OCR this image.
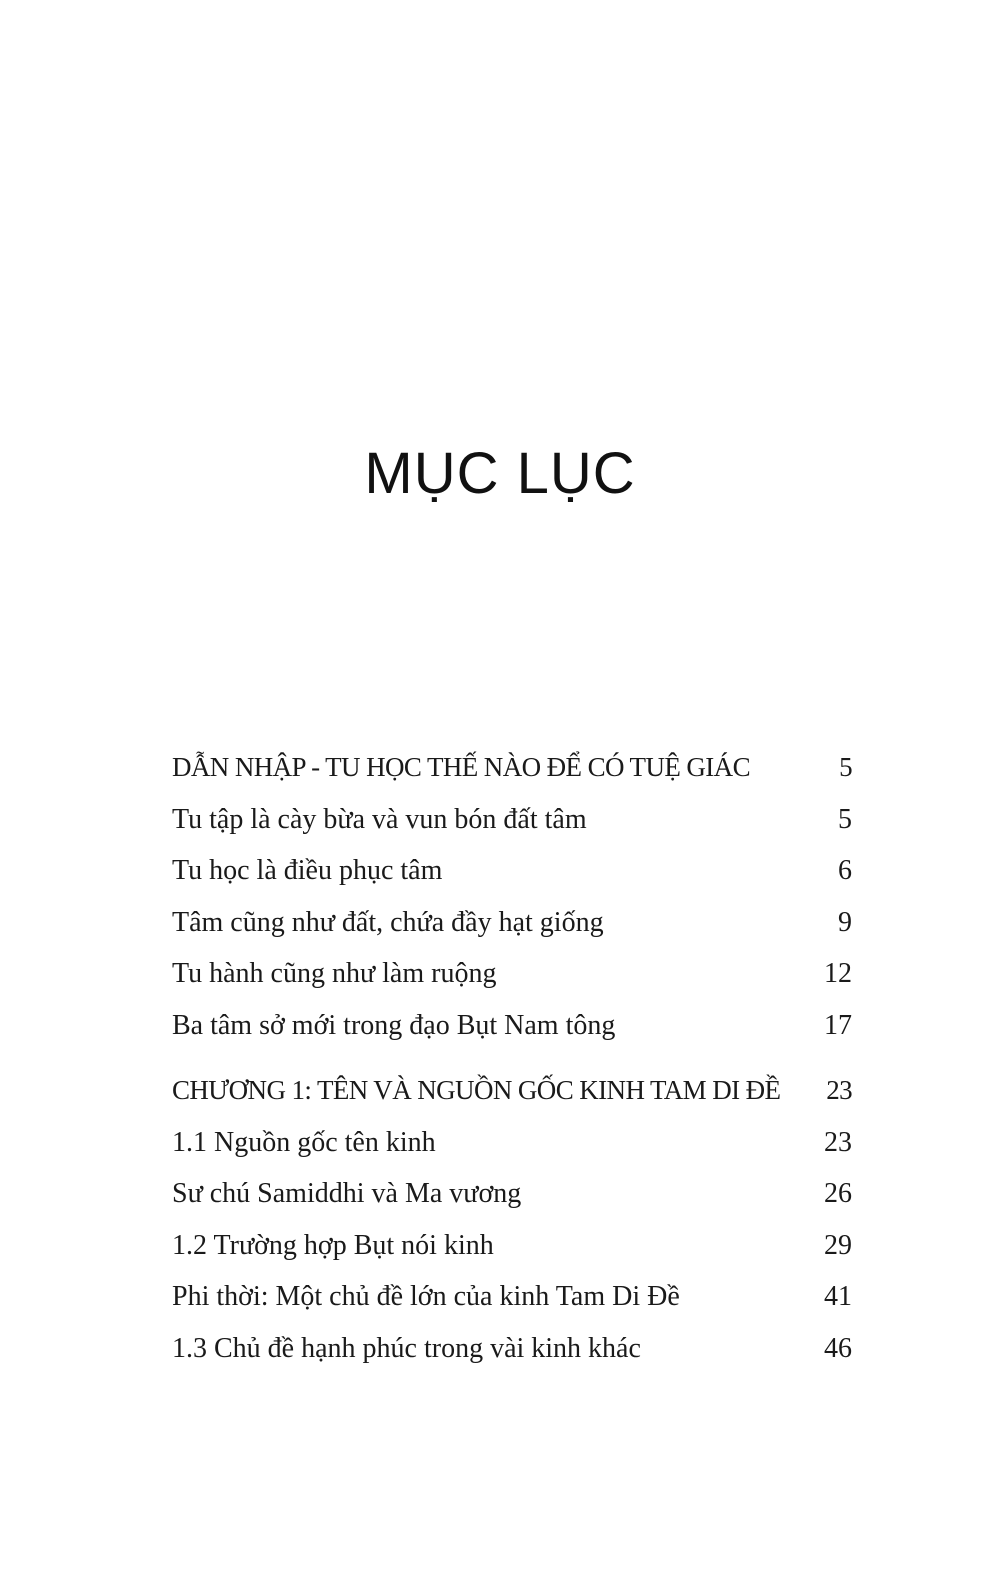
MỤC LỤC
DẪN NHẬP - TU HỌC THẾ NÀO ĐỂ CÓ TUỆ GIÁC	5
Tu tập là cày bừa và vun bón đất tâm	5
Tu học là điều phục tâm	6
Tâm cũng như đất, chứa đầy hạt giống	9
Tu hành cũng như làm ruộng	12
Ba tâm sở mới trong đạo Bụt Nam tông	17
CHƯƠNG 1: TÊN VÀ NGUỒN GỐC KINH TAM DI ĐỀ 23
1.1 Nguồn gốc tên kinh	23
Sư chú Samiddhi và Ma vương	26
1.2 Trường hợp Bụt nói kinh	29
Phi thời: Một chủ đề lớn của kinh Tam Di Đề	41
1.3 Chủ đề hạnh phúc trong vài kinh khác	46
